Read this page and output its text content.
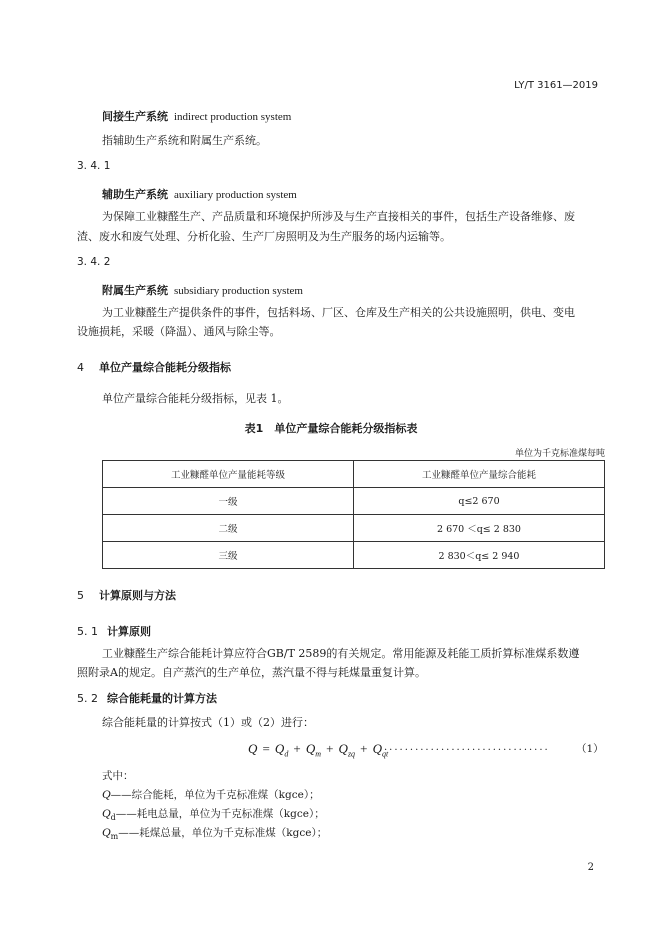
LY/T 3161—2019
间接生产系统 indirect production system
指辅助生产系统和附属生产系统。
3. 4. 1
辅助生产系统 auxiliary production system
为保障工业糠醛生产、产品质量和环境保护所涉及与生产直接相关的事件，包括生产设备维修、废
渣、废水和废气处理、分析化验、生产厂房照明及为生产服务的场内运输等。
3. 4. 2
附属生产系统 subsidiary production system
为工业糠醛生产提供条件的事件，包括料场、厂区、仓库及生产相关的公共设施照明，供电、变电
设施损耗，采暖（降温）、通风与除尘等。
4 单位产量综合能耗分级指标
单位产量综合能耗分级指标，见表 1。
表1　单位产量综合能耗分级指标表
单位为千克标准煤每吨
工业糠醛单位产量能耗等级	工业糠醛单位产量综合能耗
一级	q≤2 670
二级	2 670 ＜q≤ 2 830
三级	2 830＜q≤ 2 940
5 计算原则与方法
5. 1 计算原则
工业糠醛生产综合能耗计算应符合GB/T 2589的有关规定。常用能源及耗能工质折算标准煤系数遵
照附录A的规定。自产蒸汽的生产单位，蒸汽量不得与耗煤量重复计算。
5. 2 综合能耗量的计算方法
综合能耗量的计算按式（1）或（2）进行：
$Q = Q_d + Q_m + Q_{zq} + Q_{qt}$
................................	（1）
式中：
Q——综合能耗，单位为千克标准煤（kgce）；
$Q_d——$耗电总量，单位为千克标准煤（kgce）；
$Q_m——$耗煤总量，单位为千克标准煤（kgce）；
2
